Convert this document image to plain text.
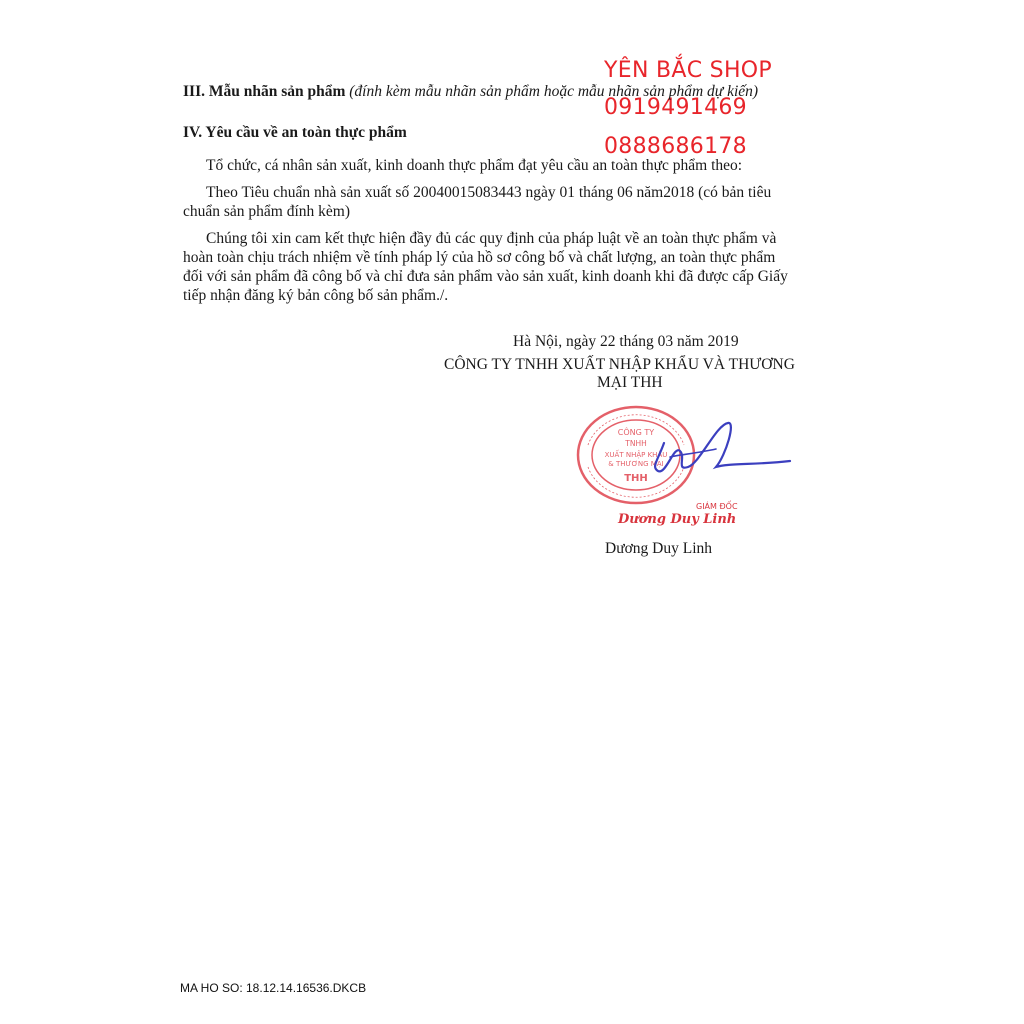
YÊN BẮC SHOP
0919491469
0888686178
III. Mẫu nhãn sản phẩm (đính kèm mẫu nhãn sản phẩm hoặc mẫu nhãn sản phẩm dự kiến)
IV. Yêu cầu về an toàn thực phẩm
Tổ chức, cá nhân sản xuất, kinh doanh thực phẩm đạt yêu cầu an toàn thực phẩm theo:
Theo Tiêu chuẩn nhà sản xuất số 20040015083443 ngày 01 tháng 06 năm2018 (có bản tiêu
chuẩn sản phẩm đính kèm)
Chúng tôi xin cam kết thực hiện đầy đủ các quy định của pháp luật về an toàn thực phẩm và
hoàn toàn chịu trách nhiệm về tính pháp lý của hồ sơ công bố và chất lượng, an toàn thực phẩm
đối với sản phẩm đã công bố và chỉ đưa sản phẩm vào sản xuất, kinh doanh khi đã được cấp Giấy
tiếp nhận đăng ký bản công bố sản phẩm./.
Hà Nội, ngày 22 tháng 03 năm 2019
CÔNG TY TNHH XUẤT NHẬP KHẨU VÀ THƯƠNG
MẠI THH
CÔNG TY
TNHH
XUẤT NHẬP KHẨU
& THƯƠNG MẠI
THH
GIÁM ĐỐC
Dương Duy Linh
Dương Duy Linh
MA HO SO: 18.12.14.16536.DKCB
